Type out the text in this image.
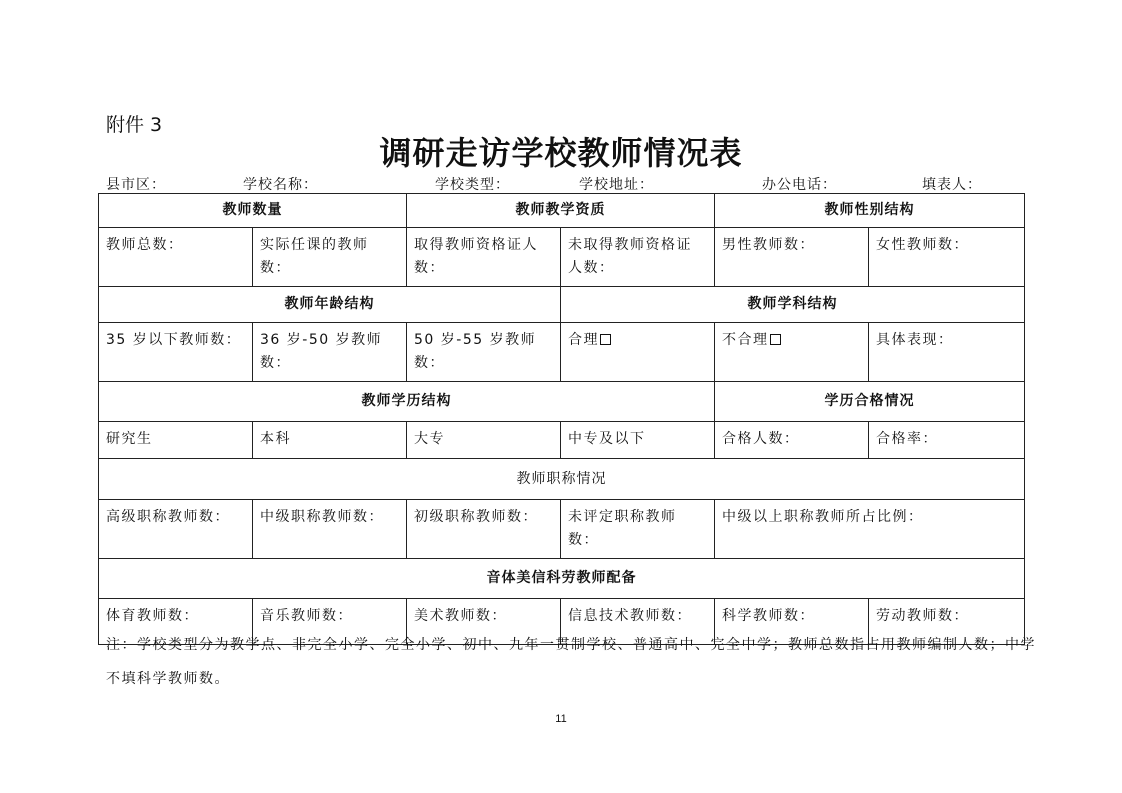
附件 3
调研走访学校教师情况表
县市区：	学校名称：	学校类型：	学校地址：	办公电话：	填表人：
教师数量		教师教学资质		教师性别结构	
教师总数：	实际任课的教师数：	取得教师资格证人数：	未取得教师资格证人数：	男性教师数：	女性教师数：
教师年龄结构			教师学科结构		
35 岁以下教师数：	36 岁-50 岁教师数：	50 岁-55 岁教师数：	合理	不合理	具体表现：
教师学历结构				学历合格情况	
研究生	本科	大专	中专及以下	合格人数：	合格率：
教师职称情况					
高级职称教师数：	中级职称教师数：	初级职称教师数：	未评定职称教师数：	中级以上职称教师所占比例：	
音体美信科劳教师配备					
体育教师数：	音乐教师数：	美术教师数：	信息技术教师数：	科学教师数：	劳动教师数：
注：学校类型分为教学点、非完全小学、完全小学、初中、九年一贯制学校、普通高中、完全中学；教师总数指占用教师编制人数；中学不填科学教师数。
11
